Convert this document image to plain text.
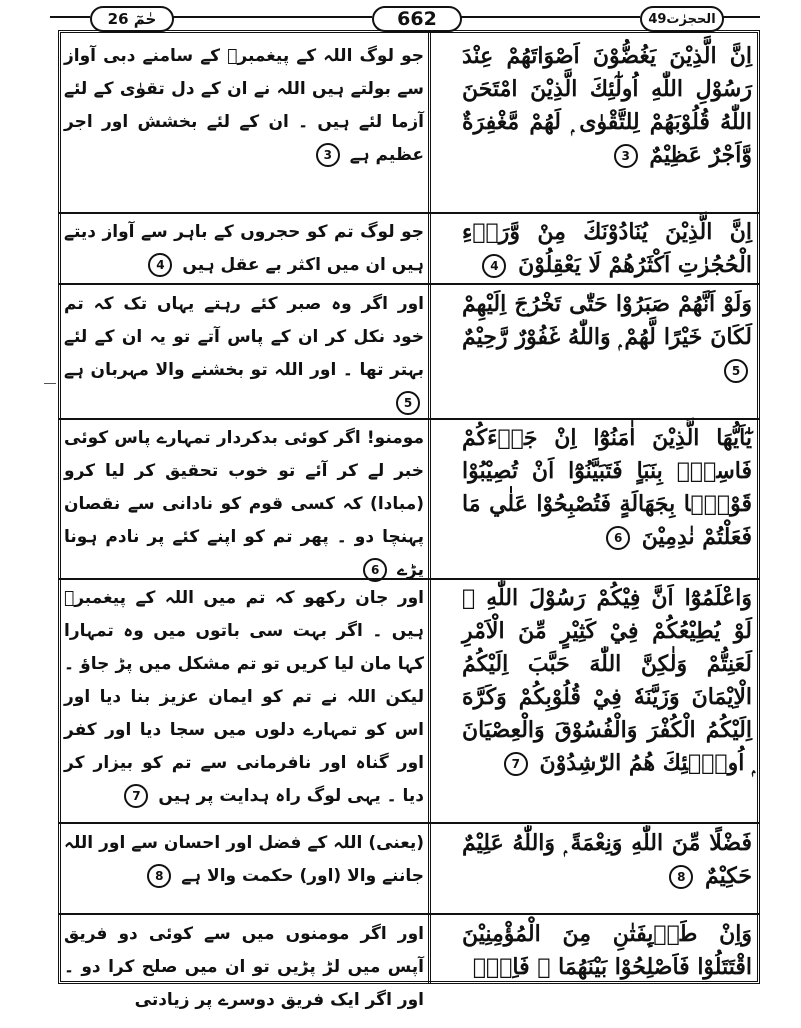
حٰمٓ 26	662	الحجرٰت49
اِنَّ الَّذِيْنَ يَغُضُّوْنَ اَصْوَاتَهُمْ عِنْدَ رَسُوْلِ اللّٰهِ اُولٰٓئِكَ الَّذِيْنَ امْتَحَنَ اللّٰهُ قُلُوْبَهُمْ لِلتَّقْوٰى ۭ لَهُمْ مَّغْفِرَةٌ وَّاَجْرٌ عَظِيْمٌ 3
جو لوگ اللہ کے پیغمبرؐ کے سامنے دبی آواز سے بولتے ہیں اللہ نے ان کے دل تقوٰی کے لئے آزما لئے ہیں ۔ ان کے لئے بخشش اور اجر عظیم ہے 3
اِنَّ الَّذِيْنَ يُنَادُوْنَكَ مِنْ وَّرَاۗءِ الْحُجُرٰتِ اَكْثَرُهُمْ لَا يَعْقِلُوْنَ 4
جو لوگ تم کو حجروں کے باہر سے آواز دیتے ہیں ان میں اکثر بے عقل ہیں 4
وَلَوْ اَنَّهُمْ صَبَرُوْا حَتّٰى تَخْرُجَ اِلَيْهِمْ لَكَانَ خَيْرًا لَّهُمْ ۭ وَاللّٰهُ غَفُوْرٌ رَّحِيْمٌ 5
اور اگر وہ صبر کئے رہتے یہاں تک کہ تم خود نکل کر ان کے پاس آتے تو یہ ان کے لئے بہتر تھا ۔ اور اللہ تو بخشنے والا مہربان ہے 5
يٰٓاَيُّهَا الَّذِيْنَ اٰمَنُوْٓا اِنْ جَاۗءَكُمْ فَاسِقٌۢ بِنَبَاٍ فَتَبَيَّنُوْٓا اَنْ تُصِيْبُوْا قَوْمًۢا بِجَهَالَةٍ فَتُصْبِحُوْا عَلٰي مَا فَعَلْتُمْ نٰدِمِيْنَ 6
مومنو! اگر کوئی بدکردار تمہارے پاس کوئی خبر لے کر آئے تو خوب تحقیق کر لیا کرو (مبادا) کہ کسی قوم کو نادانی سے نقصان پہنچا دو ۔ پھر تم کو اپنے کئے پر نادم ہونا پڑے 6
وَاعْلَمُوْٓا اَنَّ فِيْكُمْ رَسُوْلَ اللّٰهِ ۭ لَوْ يُطِيْعُكُمْ فِيْ كَثِيْرٍ مِّنَ الْاَمْرِ لَعَنِتُّمْ وَلٰكِنَّ اللّٰهَ حَبَّبَ اِلَيْكُمُ الْاِيْمَانَ وَزَيَّنَهٗ فِيْ قُلُوْبِكُمْ وَكَرَّهَ اِلَيْكُمُ الْكُفْرَ وَالْفُسُوْقَ وَالْعِصْيَانَ ۭ اُولٰۗئِكَ هُمُ الرّٰشِدُوْنَ 7
اور جان رکھو کہ تم میں اللہ کے پیغمبرؐ ہیں ۔ اگر بہت سی باتوں میں وہ تمہارا کہا مان لیا کریں تو تم مشکل میں پڑ جاؤ ۔ لیکن اللہ نے تم کو ایمان عزیز بنا دیا اور اس کو تمہارے دلوں میں سجا دیا اور کفر اور گناہ اور نافرمانی سے تم کو بیزار کر دیا ۔ یہی لوگ راہ ہدایت پر ہیں 7
فَضْلًا مِّنَ اللّٰهِ وَنِعْمَةً ۭ وَاللّٰهُ عَلِيْمٌ حَكِيْمٌ 8
(یعنی) اللہ کے فضل اور احسان سے اور اللہ جاننے والا (اور) حکمت والا ہے 8
وَاِنْ طَاۗىِٕفَتٰنِ مِنَ الْمُؤْمِنِيْنَ اقْتَتَلُوْا فَاَصْلِحُوْا بَيْنَهُمَا ۚ فَاِنْۢ
اور اگر مومنوں میں سے کوئی دو فریق آپس میں لڑ پڑیں تو ان میں صلح کرا دو ۔ اور اگر ایک فریق دوسرے پر زیادتی
